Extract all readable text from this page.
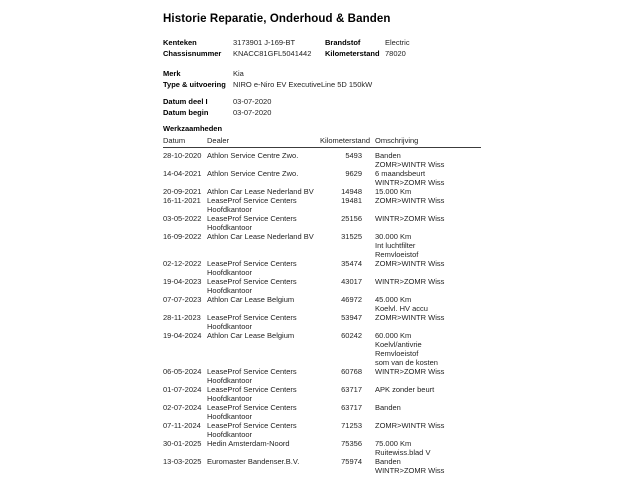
Historie Reparatie, Onderhoud & Banden
Kenteken	3173901 J-169-BT	Brandstof	Electric
Chassisnummer	KNACC81GFL5041442	Kilometerstand 78020
Merk	Kia
Type & uitvoering NIRO e-Niro EV ExecutiveLine 5D 150kW
Datum deel I	03-07-2020
Datum begin	03-07-2020
Werkzaamheden
Datum	Dealer	Kilometerstand Omschrijving
28-10-2020 Athlon Service Centre Zwo.	5493 Banden
ZOMR>WINTR Wiss
14-04-2021 Athlon Service Centre Zwo.	9629 6 maandsbeurt
WINTR>ZOMR Wiss
20-09-2021 Athlon Car Lease Nederland BV	14948 15.000 Km
16-11-2021 LeaseProf Service Centers
Hoofdkantoor
19481 ZOMR>WINTR Wiss
03-05-2022 LeaseProf Service Centers
Hoofdkantoor
25156 WINTR>ZOMR Wiss
16-09-2022 Athlon Car Lease Nederland BV	31525 30.000 Km
Int luchtfilter
Remvloeistof
02-12-2022 LeaseProf Service Centers
Hoofdkantoor
35474 ZOMR>WINTR Wiss
19-04-2023 LeaseProf Service Centers
Hoofdkantoor
43017 WINTR>ZOMR Wiss
07-07-2023 Athlon Car Lease Belgium	46972 45.000 Km
Koelvl. HV accu
28-11-2023 LeaseProf Service Centers
Hoofdkantoor
53947 ZOMR>WINTR Wiss
19-04-2024 Athlon Car Lease Belgium	60242 60.000 Km
Koelvl/antivrie
Remvloeistof
som van de kosten
06-05-2024 LeaseProf Service Centers
Hoofdkantoor
60768 WINTR>ZOMR Wiss
01-07-2024 LeaseProf Service Centers
Hoofdkantoor
63717 APK zonder beurt
02-07-2024 LeaseProf Service Centers
Hoofdkantoor
63717 Banden
07-11-2024 LeaseProf Service Centers
Hoofdkantoor
71253 ZOMR>WINTR Wiss
30-01-2025 Hedin Amsterdam-Noord	75356 75.000 Km
Ruitewiss.blad V
13-03-2025 Euromaster Bandenser.B.V.	75974 Banden
WINTR>ZOMR Wiss
